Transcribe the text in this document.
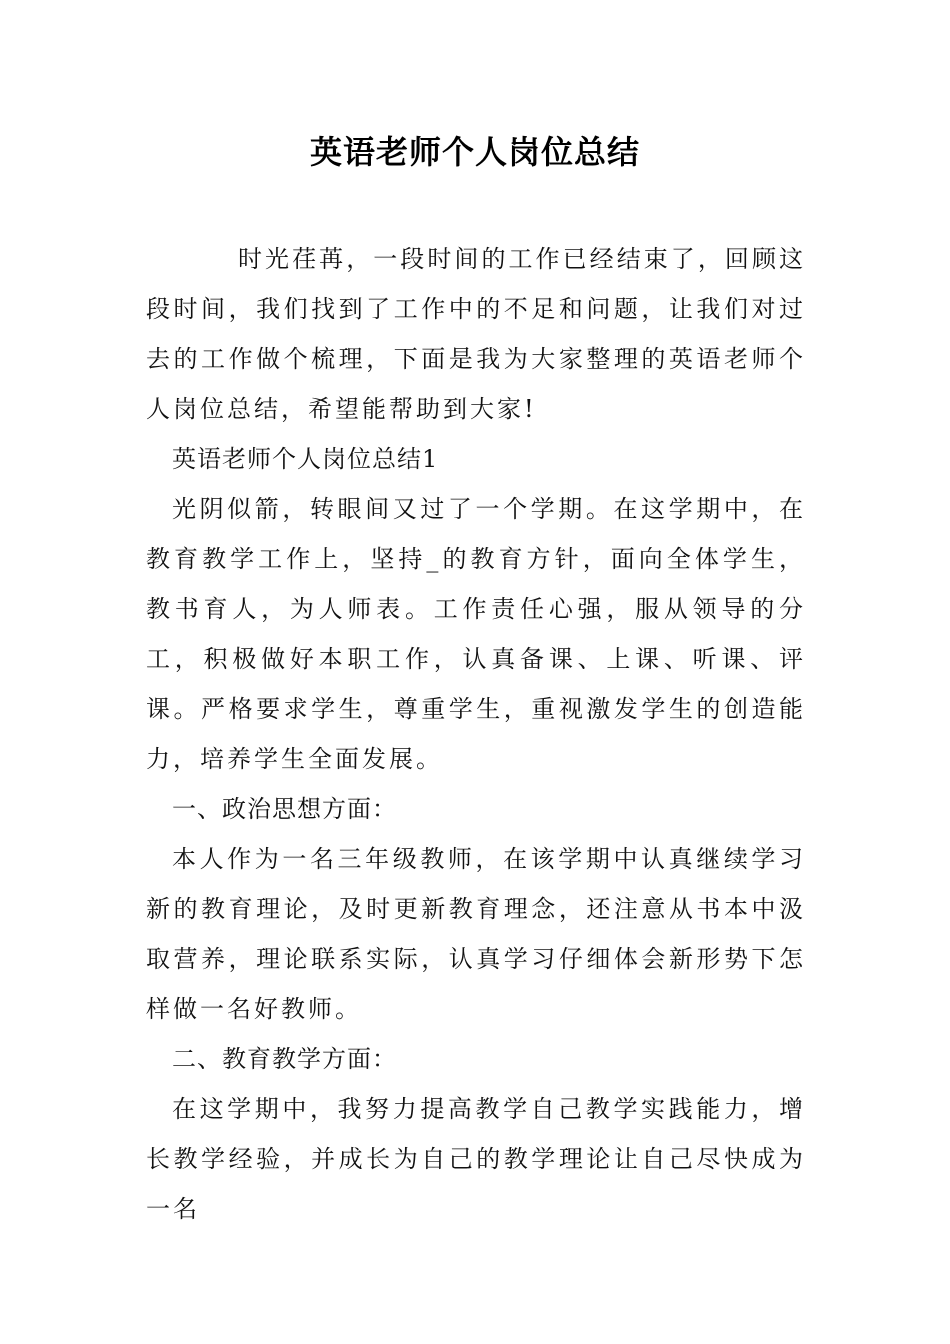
英语老师个人岗位总结

时光荏苒，一段时间的工作已经结束了，回顾这段时间，我们找到了工作中的不足和问题，让我们对过去的工作做个梳理，下面是我为大家整理的英语老师个人岗位总结，希望能帮助到大家!

英语老师个人岗位总结1

光阴似箭，转眼间又过了一个学期。在这学期中，在教育教学工作上，坚持_的教育方针，面向全体学生，教书育人，为人师表。工作责任心强，服从领导的分工，积极做好本职工作，认真备课、上课、听课、评课。严格要求学生，尊重学生，重视激发学生的创造能力，培养学生全面发展。

一、政治思想方面：

本人作为一名三年级教师，在该学期中认真继续学习新的教育理论，及时更新教育理念，还注意从书本中汲取营养，理论联系实际，认真学习仔细体会新形势下怎样做一名好教师。

二、教育教学方面：

在这学期中，我努力提高教学自己教学实践能力，增长教学经验，并成长为自己的教学理论让自己尽快成为一名
